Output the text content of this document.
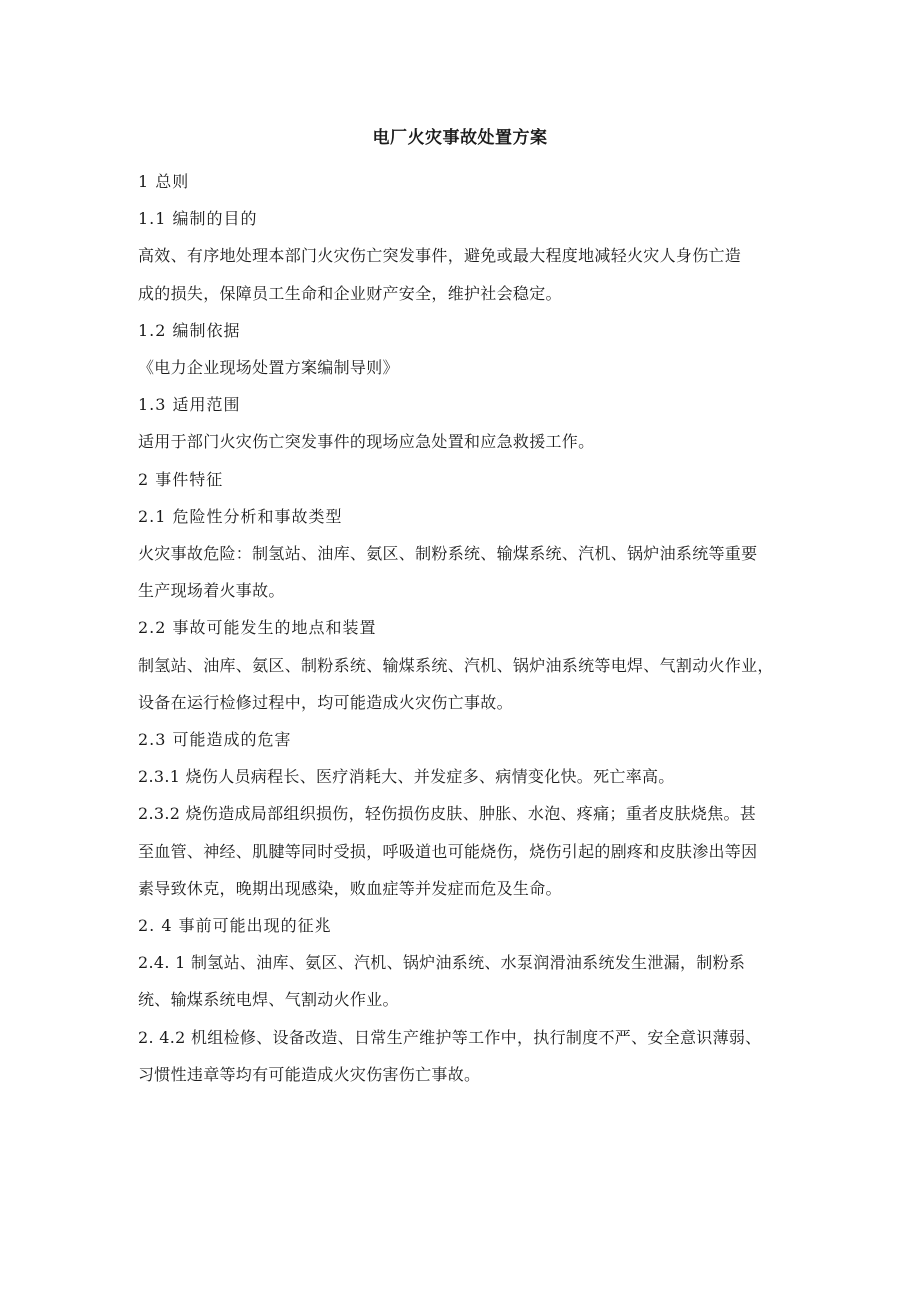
电厂火灾事故处置方案

1 总则

1.1 编制的目的

高效、有序地处理本部门火灾伤亡突发事件，避免或最大程度地减轻火灾人身伤亡造

成的损失，保障员工生命和企业财产安全，维护社会稳定。

1.2 编制依据

《电力企业现场处置方案编制导则》

1.3 适用范围

适用于部门火灾伤亡突发事件的现场应急处置和应急救援工作。

2 事件特征

2.1 危险性分析和事故类型

火灾事故危险：制氢站、油库、氨区、制粉系统、输煤系统、汽机、锅炉油系统等重要

生产现场着火事故。

2.2 事故可能发生的地点和装置

制氢站、油库、氨区、制粉系统、输煤系统、汽机、锅炉油系统等电焊、气割动火作业，

设备在运行检修过程中，均可能造成火灾伤亡事故。

2.3 可能造成的危害

2.3.1 烧伤人员病程长、医疗消耗大、并发症多、病情变化快。死亡率高。

2.3.2 烧伤造成局部组织损伤，轻伤损伤皮肤、肿胀、水泡、疼痛；重者皮肤烧焦。甚

至血管、神经、肌腱等同时受损，呼吸道也可能烧伤，烧伤引起的剧疼和皮肤渗出等因

素导致休克，晚期出现感染，败血症等并发症而危及生命。

2. 4 事前可能出现的征兆

2.4. 1 制氢站、油库、氨区、汽机、锅炉油系统、水泵润滑油系统发生泄漏，制粉系

统、输煤系统电焊、气割动火作业。

2. 4.2 机组检修、设备改造、日常生产维护等工作中，执行制度不严、安全意识薄弱、

习惯性违章等均有可能造成火灾伤害伤亡事故。
